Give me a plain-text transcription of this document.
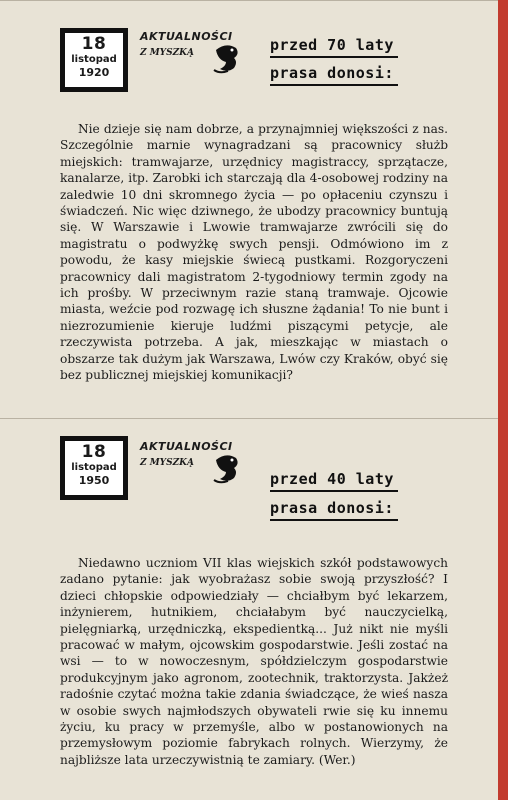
18
listopad
1920
AKTUALNOŚCI
Z MYSZKĄ	przed 70 laty
prasa donosi:

Nie dzieje się nam dobrze, a przynajmniej większości z nas. Szczególnie marnie wynagradzani są pracownicy służb miejskich: tramwajarze, urzędnicy magistraccy, sprzątacze, kanalarze, itp. Zarobki ich starczają dla 4-osobowej rodziny na zaledwie 10 dni skromnego życia — po opłaceniu czynszu i świadczeń. Nic więc dziwnego, że ubodzy pracownicy buntują się. W Warszawie i Lwowie tramwajarze zwrócili się do magistratu o podwyżkę swych pensji. Odmówiono im z powodu, że kasy miejskie świecą pustkami. Rozgoryczeni pracownicy dali magistratom 2-tygodniowy termin zgody na ich prośby. W przeciwnym razie staną tramwaje. Ojcowie miasta, weźcie pod rozwagę ich słuszne żądania! To nie bunt i niezrozumienie kieruje ludźmi piszącymi petycje, ale rzeczywista potrzeba. A jak, mieszkając w miastach o obszarze tak dużym jak Warszawa, Lwów czy Kraków, obyć się bez publicznej miejskiej komunikacji?

18
listopad
1950
AKTUALNOŚCI
Z MYSZKĄ
przed 40 laty
prasa donosi:

Niedawno uczniom VII klas wiejskich szkół podstawowych zadano pytanie: jak wyobrażasz sobie swoją przyszłość? I dzieci chłopskie odpowiedziały — chciałbym być lekarzem, inżynierem, hutnikiem, chciałabym być nauczycielką, pielęgniarką, urzędniczką, ekspedientką... Już nikt nie myśli pracować w małym, ojcowskim gospodarstwie. Jeśli zostać na wsi — to w nowoczesnym, spółdzielczym gospodarstwie produkcyjnym jako agronom, zootechnik, traktorzysta. Jakżeż radośnie czytać można takie zdania świadczące, że wieś nasza w osobie swych najmłodszych obywateli rwie się ku innemu życiu, ku pracy w przemyśle, albo w postanowionych na przemysłowym poziomie fabrykach rolnych. Wierzymy, że najbliższe lata urzeczywistnią te zamiary. (Wer.)
